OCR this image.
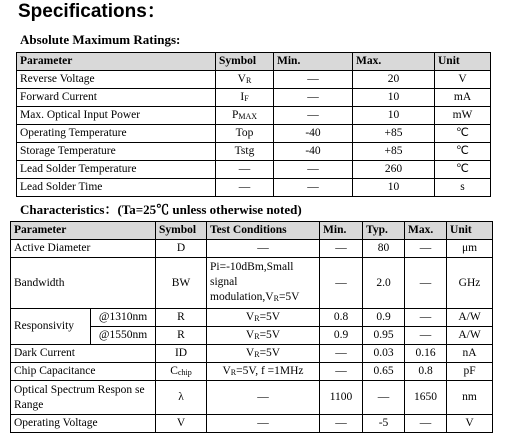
Specifications：
Absolute Maximum Ratings:
Parameter	Symbol	Min.	Max.	Unit
Reverse Voltage	$V_R$	—	20	V
Forward Current	$I_F$	—	10	mA
Max. Optical Input Power	$P_{MAX}$	—	10	mW
Operating Temperature	Top	-40	+85	℃
Storage Temperature	Tstg	-40	+85	℃
Lead Solder Temperature	—	—	260	℃
Lead Solder Time	—	—	10	s
Characteristics：(Ta=25℃ unless otherwise noted)
Parameter		Symbol	Test Conditions	Min.	Typ.	Max.	Unit
Active Diameter		D	—	—	80	—	μm
Bandwidth		BW	Pi=-10dBm,Small signal $modulation,V_R=5V$	—	2.0	—	GHz
Responsivity	@1310nm	R	$V_R=5V$	0.8	0.9	—	A/W
	@1550nm	R	$V_R=5V$	0.9	0.95	—	A/W
Dark Current		ID	$V_R=5V$	—	0.03	0.16	nA
Chip Capacitance		$C_{chip}$	$V_R=5V$, f =1MHz	—	0.65	0.8	pF
Optical Spectrum Respon se Range		λ	—	1100	—	1650	nm
Operating Voltage		V	—	—	-5	—	V
